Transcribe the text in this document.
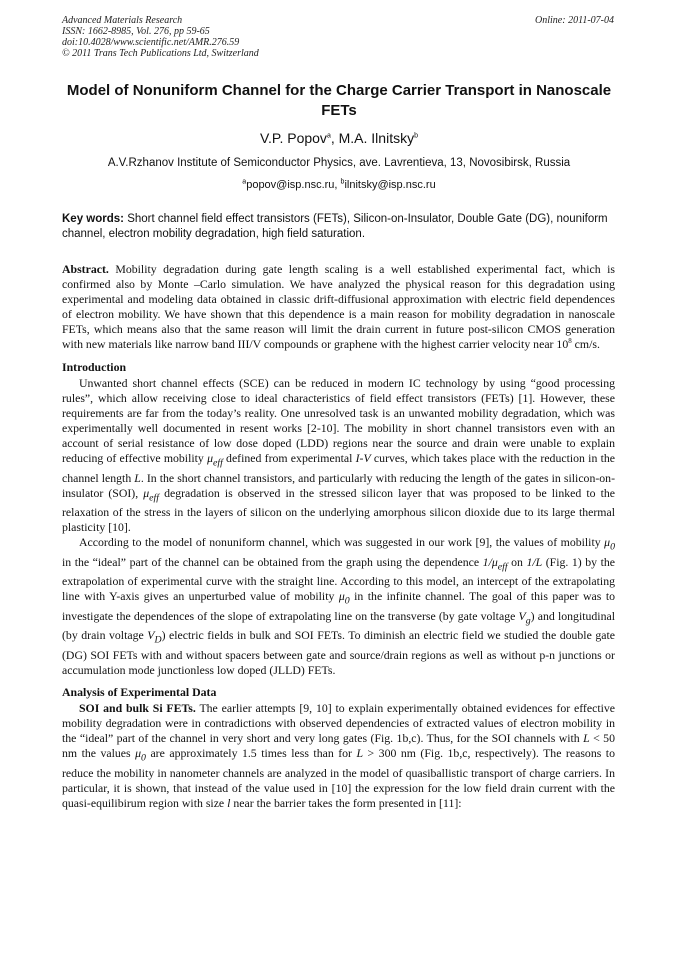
Advanced Materials Research
ISSN: 1662-8985, Vol. 276, pp 59-65
doi:10.4028/www.scientific.net/AMR.276.59
© 2011 Trans Tech Publications Ltd, Switzerland
Online: 2011-07-04
Model of Nonuniform Channel for the Charge Carrier Transport in Nanoscale FETs
V.P. Popov$^a$, M.A. Ilnitsky$^b$
A.V.Rzhanov Institute of Semiconductor Physics, ave. Lavrentieva, 13, Novosibirsk, Russia
$^a$popov@isp.nsc.ru, $^b$ilnitsky@isp.nsc.ru
Key words: Short channel field effect transistors (FETs), Silicon-on-Insulator, Double Gate (DG), nouniform channel, electron mobility degradation, high field saturation.

Abstract. Mobility degradation during gate length scaling is a well established experimental fact, which is confirmed also by Monte –Carlo simulation. We have analyzed the physical reason for this degradation using experimental and modeling data obtained in classic drift-diffusional approximation with electric field dependences of electron mobility. We have shown that this dependence is a main reason for mobility degradation in nanoscale FETs, which means also that the same reason will limit the drain current in future post-silicon CMOS generation with new materials like narrow band III/V compounds or graphene with the highest carrier velocity near $10^8$ cm/s.

Introduction

Unwanted short channel effects (SCE) can be reduced in modern IC technology by using “good processing rules”, which allow receiving close to ideal characteristics of field effect transistors (FETs) [1]. However, these requirements are far from the today’s reality. One unresolved task is an unwanted mobility degradation, which was experimentally well documented in resent works [2-10]. The mobility in short channel transistors even with an account of serial resistance of low dose doped (LDD) regions near the source and drain were unable to explain reducing of effective mobility $\mu_{eff}$ defined from experimental I-V curves, which takes place with the reduction in the channel length L. In the short channel transistors, and particularly with reducing the length of the gates in silicon-on-insulator (SOI), $\mu_{eff}$ degradation is observed in the stressed silicon layer that was proposed to be linked to the relaxation of the stress in the layers of silicon on the underlying amorphous silicon dioxide due to its large thermal plasticity [10].

According to the model of nonuniform channel, which was suggested in our work [9], the values of mobility $\mu_0$ in the “ideal” part of the channel can be obtained from the graph using the dependence $1/\mu_{eff}$ on 1/L (Fig. 1) by the extrapolation of experimental curve with the straight line. According to this model, an intercept of the extrapolating line with Y-axis gives an unperturbed value of mobility $\mu_0$ in the infinite channel. The goal of this paper was to investigate the dependences of the slope of extrapolating line on the transverse (by gate voltage $V_g$) and longitudinal (by drain voltage $V_D$) electric fields in bulk and SOI FETs. To diminish an electric field we studied the double gate (DG) SOI FETs with and without spacers between gate and source/drain regions as well as without p-n junctions or accumulation mode junctionless low doped (JLLD) FETs.

Analysis of Experimental Data

SOI and bulk Si FETs. The earlier attempts [9, 10] to explain experimentally obtained evidences for effective mobility degradation were in contradictions with observed dependencies of extracted values of electron mobility in the “ideal” part of the channel in very short and very long gates (Fig. 1b,c). Thus, for the SOI channels with L < 50 nm the values $\mu_0$ are approximately 1.5 times less than for L > 300 nm (Fig. 1b,c, respectively). The reasons to reduce the mobility in nanometer channels are analyzed in the model of quasiballistic transport of charge carriers. In particular, it is shown, that instead of the value used in [10] the expression for the low field drain current with the quasi-equilibirum region with size l near the barrier takes the form presented in [11]:
